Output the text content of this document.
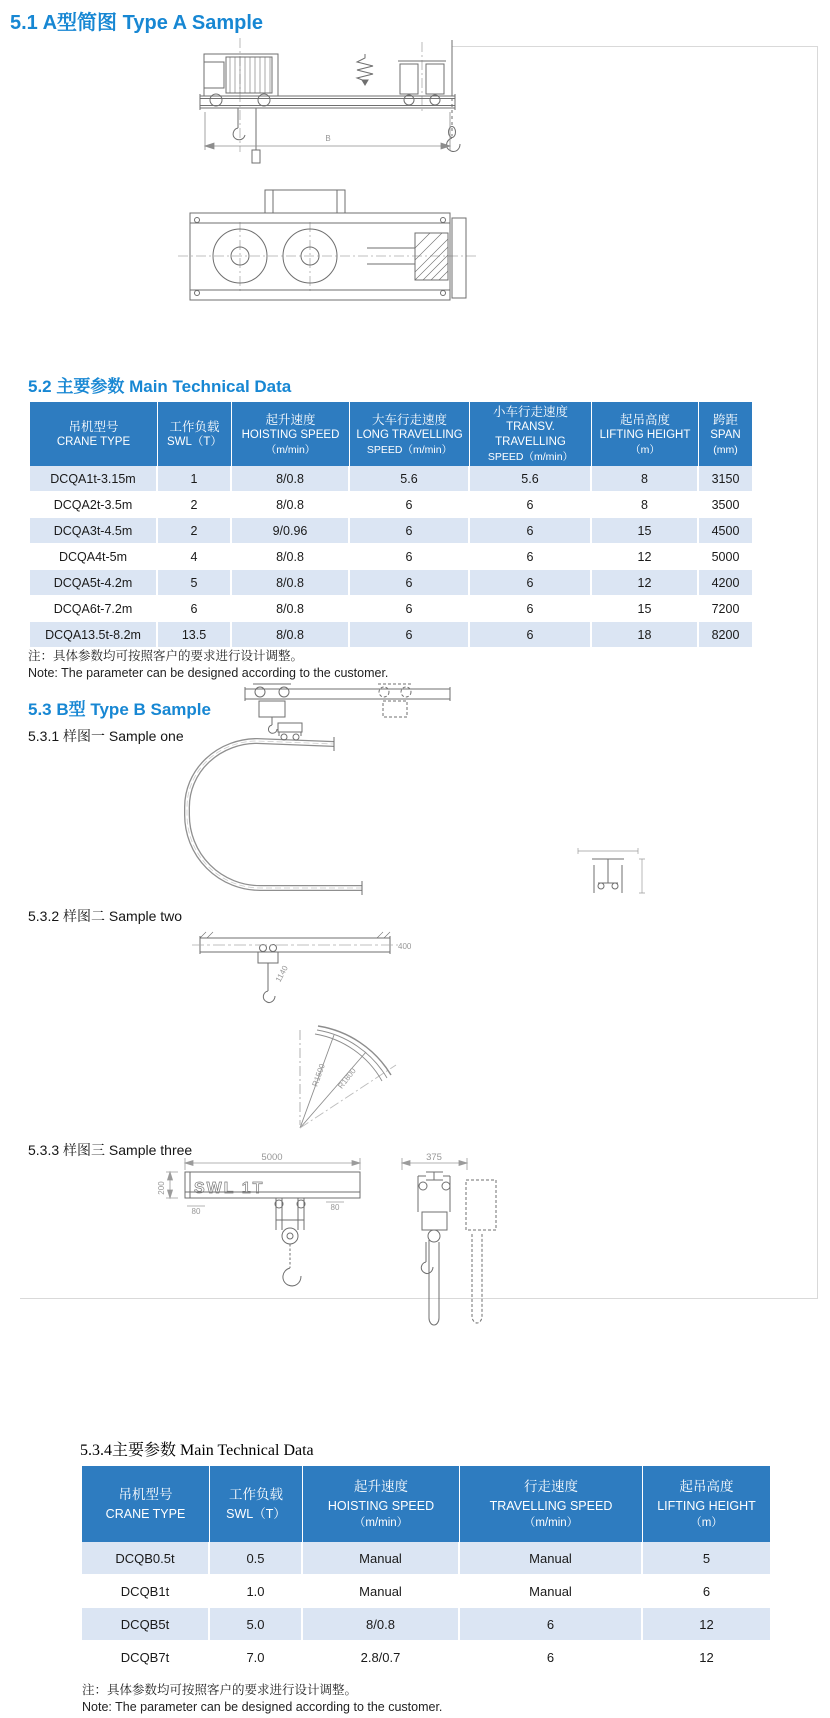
5.1 A型简图 Type A Sample
5.2 主要参数 Main Technical Data
5.3 B型 Type B Sample
5.3.1 样图一 Sample one
5.3.2 样图二 Sample two
5.3.3 样图三 Sample three
5.3.4主要参数 Main Technical Data
B
400
1140
R1500 R1800
5000	375
200
80	80
SWL 1T
吊机型号
CRANE TYPE

工作负载
SWL（T）

起升速度
HOISTING SPEED
（m/min）

大车行走速度
LONG TRAVELLING
SPEED（m/min）

小车行走速度
TRANSV. TRAVELLING
SPEED（m/min）

起吊高度
LIFTING HEIGHT
（m）

跨距
SPAN
(mm)

DCQA1t-3.15m	1	8/0.8	5.6	5.6	8	3150
DCQA2t-3.5m	2	8/0.8	6	6	8	3500
DCQA3t-4.5m	2	9/0.96	6	6	15	4500
DCQA4t-5m	4	8/0.8	6	6	12	5000
DCQA5t-4.2m	5	8/0.8	6	6	12	4200
DCQA6t-7.2m	6	8/0.8	6	6	15	7200
DCQA13.5t-8.2m	13.5	8/0.8	6	6	18	8200
吊机型号
CRANE TYPE

工作负载
SWL（T）

起升速度
HOISTING SPEED
（m/min）

行走速度
TRAVELLING SPEED
（m/min）

起吊高度
LIFTING HEIGHT
（m）

DCQB0.5t	0.5	Manual	Manual	5
DCQB1t	1.0	Manual	Manual	6
DCQB5t	5.0	8/0.8	6	12
DCQB7t	7.0	2.8/0.7	6	12
注：具体参数均可按照客户的要求进行设计调整。
Note: The parameter can be designed according to the customer.
注：具体参数均可按照客户的要求进行设计调整。
Note: The parameter can be designed according to the customer.
